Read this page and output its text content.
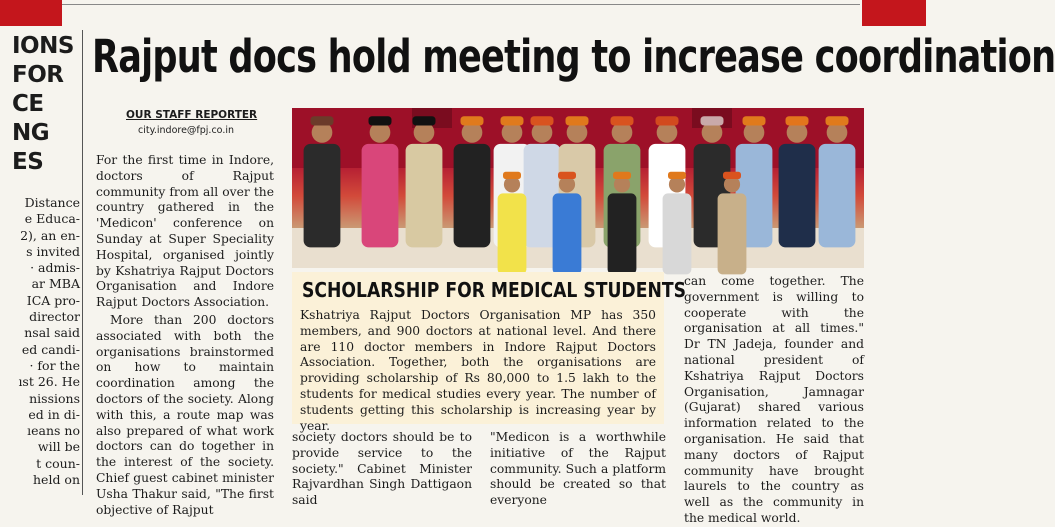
IONS
FOR
CE
NG
ES
Distance
e Educa-
2), an en-
s invited
· admis-
ar MBA
ICA pro-
director
nsal said
ed candi-
· for the
ıst 26. He
nissions
ed in di-
ıeans no
will be
t coun-
held on
Rajput docs hold meeting to increase coordination
OUR STAFF REPORTER
city.indore@fpj.co.in

For the first time in Indore, doctors of Rajput community from all over the country gathered in the 'Medicon' conference on Sunday at Super Speciality Hospital, organised jointly by Kshatriya Rajput Doctors Organisation and Indore Rajput Doctors Association.

More than 200 doctors associated with both the organisations brainstormed on how to maintain coordination among the doctors of the society. Along with this, a route map was also prepared of what work doctors can do together in the interest of the society. Chief guest cabinet minister Usha Thakur said, "The first objective of Rajput

SCHOLARSHIP FOR MEDICAL STUDENTS
Kshatriya Rajput Doctors Organisation MP has 350 members, and 900 doctors at national level. And there are 110 doctor members in Indore Rajput Doctors Association. Together, both the organisations are providing scholarship of Rs 80,000 to 1.5 lakh to the students for medical studies every year. The number of students getting this scholarship is increasing year by year.
society doctors should be to provide service to the society." Cabinet Minister Rajvardhan Singh Dattigaon said
"Medicon is a worthwhile initiative of the Rajput community. Such a platform should be created so that everyone
can come together. The government is willing to cooperate with the organisation at all times." Dr TN Jadeja, founder and national president of Kshatriya Rajput Doctors Organisation, Jamnagar (Gujarat) shared various information related to the organisation. He said that many doctors of Rajput community have brought laurels to the country as well as the community in the medical world.
